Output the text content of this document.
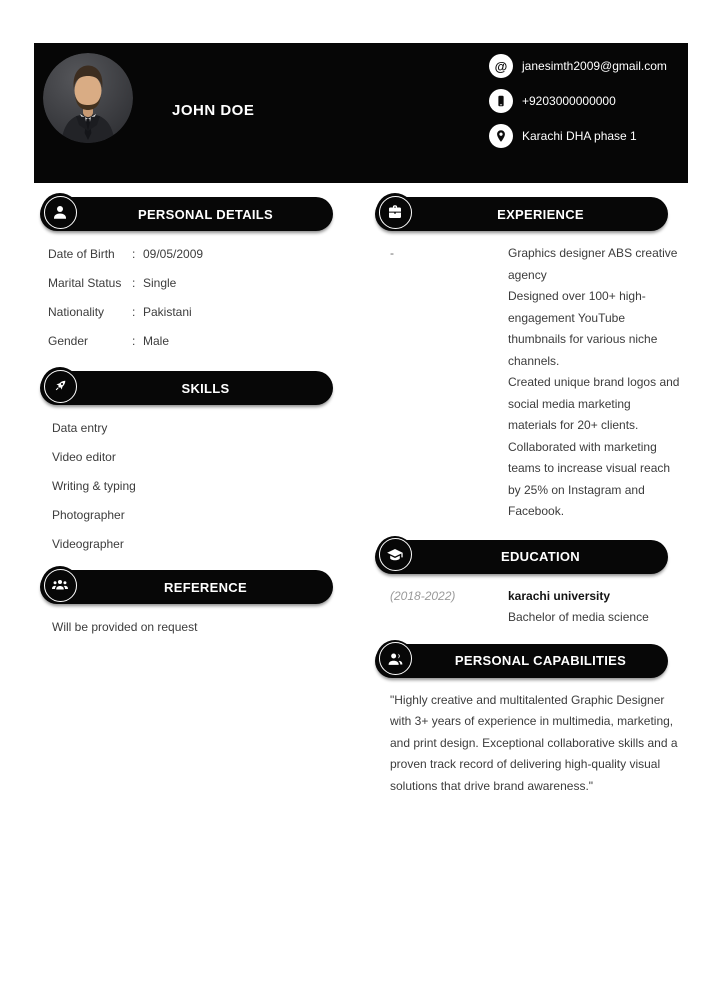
JOHN DOE
@	janesimth2009@gmail.com
+9203000000000
Karachi DHA phase 1
PERSONAL DETAILS
Date of Birth	: 09/05/2009
Marital Status : Single
Nationality	: Pakistani
Gender	: Male
SKILLS
Data entry
Video editor
Writing & typing
Photographer
Videographer
REFERENCE

Will be provided on request

EXPERIENCE
-	Graphics designer ABS creative agency

Designed over 100+ high-engagement YouTube thumbnails for various niche channels.

Created unique brand logos and social media marketing materials for 20+ clients.

Collaborated with marketing teams to increase visual reach by 25% on Instagram and Facebook.

EDUCATION
(2018-2022)	karachi university

Bachelor of media science

PERSONAL CAPABILITIES

"Highly creative and multitalented Graphic Designer with 3+ years of experience in multimedia, marketing, and print design. Exceptional collaborative skills and a proven track record of delivering high-quality visual solutions that drive brand awareness."
